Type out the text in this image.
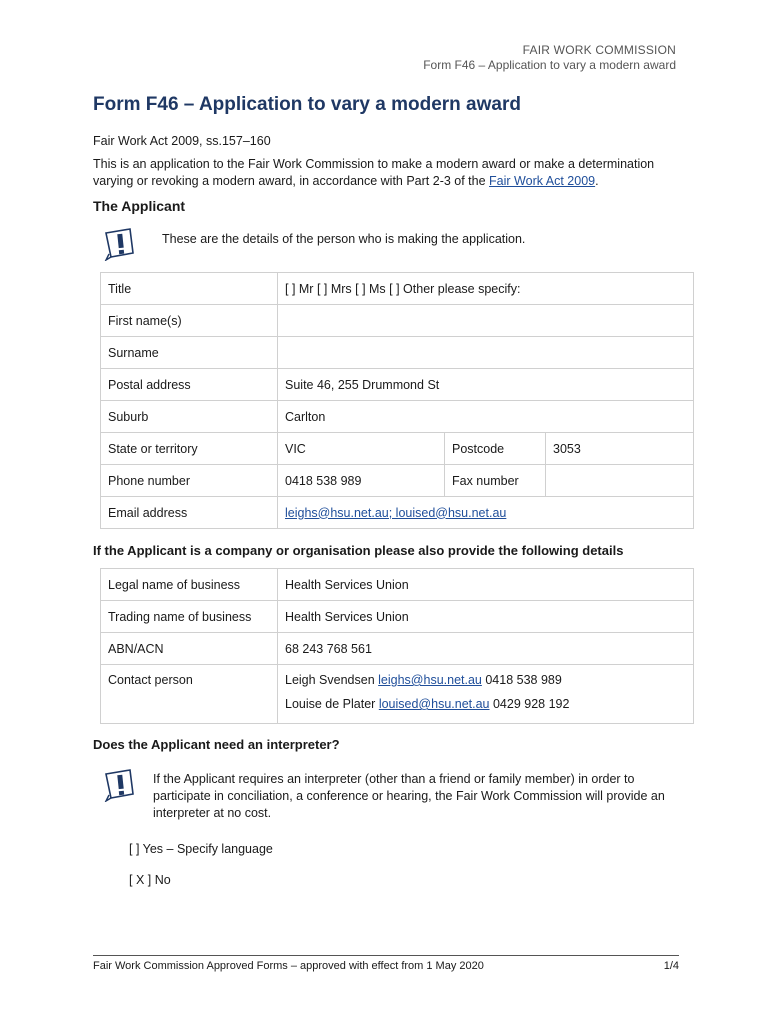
FAIR WORK COMMISSION
Form F46 – Application to vary a modern award
Form F46 – Application to vary a modern award
Fair Work Act 2009, ss.157–160
This is an application to the Fair Work Commission to make a modern award or make a determination varying or revoking a modern award, in accordance with Part 2-3 of the Fair Work Act 2009.
The Applicant
These are the details of the person who is making the application.
Title	[ ] Mr [ ] Mrs [ ] Ms [ ] Other please specify:		
First name(s)			
Surname			
Postal address	Suite 46, 255 Drummond St		
Suburb	Carlton		
State or territory	VIC	Postcode	3053
Phone number	0418 538 989	Fax number	
Email address	leighs@hsu.net.au; louised@hsu.net.au		
If the Applicant is a company or organisation please also provide the following details
Legal name of business	Health Services Union
Trading name of business	Health Services Union
ABN/ACN	68 243 768 561

Contact person	Leigh Svendsen leighs@hsu.net.au 0418 538 989
Louise de Plater louised@hsu.net.au 0429 928 192
Does the Applicant need an interpreter?
If the Applicant requires an interpreter (other than a friend or family member) in order to participate in conciliation, a conference or hearing, the Fair Work Commission will provide an interpreter at no cost.
[ ] Yes – Specify language
[ X ] No
Fair Work Commission Approved Forms – approved with effect from 1 May 2020	1/4
